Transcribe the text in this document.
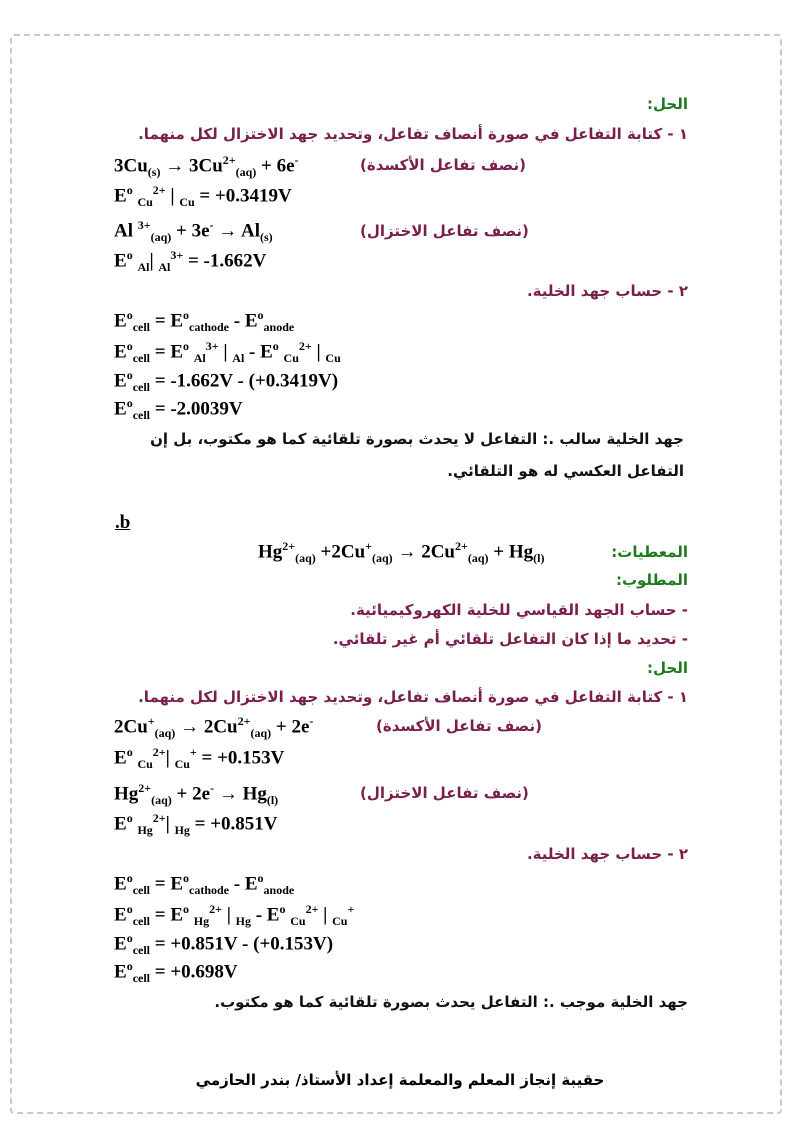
الحل:
١ - كتابة التفاعل في صورة أنصاف تفاعل، وتحديد جهد الاختزال لكل منهما.
$3Cu_{(s)} \to 3Cu^{2+}_{(aq)} + 6e^-$	(نصف تفاعل الأكسدة)
$E^o$ $_{Cu}^{2+}$ | $_{Cu}$ = +0.3419V
Al $^{3+}_{(aq)} + 3e^- \to Al_{(s)}$	(نصف تفاعل الاختزال)
$E^o$ $_{Al}$| $_{Al}^{3+}$ = -1.662V
٢ - حساب جهد الخلية.
$E^o_{cell} = E^o_{cathode} - E^o_{anode}$
$E^o_{cell} = E^o$ $_{Al}^{3+}$ | $_{Al} - E^o$ $_{Cu}^{2+}$ | $_{Cu}$
$E^o_{cell} = -1.662V - (+0.3419V)$
$E^o_{cell} = -2.0039V$
جهد الخلية سالب .: التفاعل لا يحدث بصورة تلقائية كما هو مكتوب، بل إن
التفاعل العكسي له هو التلقائي.
.b
المعطيات:
$Hg^{2+}_{(aq)} +2Cu^+_{(aq)} \to 2Cu^{2+}_{(aq)} + Hg_{(l)}$
المطلوب:
- حساب الجهد القياسي للخلية الكهروكيميائية.
- تحديد ما إذا كان التفاعل تلقائي أم غير تلقائي.
الحل:
١ - كتابة التفاعل في صورة أنصاف تفاعل، وتحديد جهد الاختزال لكل منهما.
$2Cu^+_{(aq)} \to 2Cu^{2+}_{(aq)} + 2e^-$	(نصف تفاعل الأكسدة)
$E^o$ $_{Cu}^{2+}$| $_{Cu}$+ = +0.153V
$Hg^{2+}_{(aq)} + 2e^- \to Hg_{(l)}$	(نصف تفاعل الاختزال)
$E^o$ $_{Hg}^{2+}$| $_{Hg}$ = +0.851V
٢ - حساب جهد الخلية.
$E^o_{cell} = E^o_{cathode} - E^o_{anode}$
$E^o_{cell} = E^o$ $_{Hg}^{2+}$ | $_{Hg} - E^o$ $_{Cu}^{2+}$ | $_{Cu}$+
$E^o_{cell} = +0.851V - (+0.153V)$
$E^o_{cell} = +0.698V$
جهد الخلية موجب .: التفاعل يحدث بصورة تلقائية كما هو مكتوب.
حقيبة إنجاز المعلم والمعلمة إعداد الأستاذ/ بندر الحازمي
